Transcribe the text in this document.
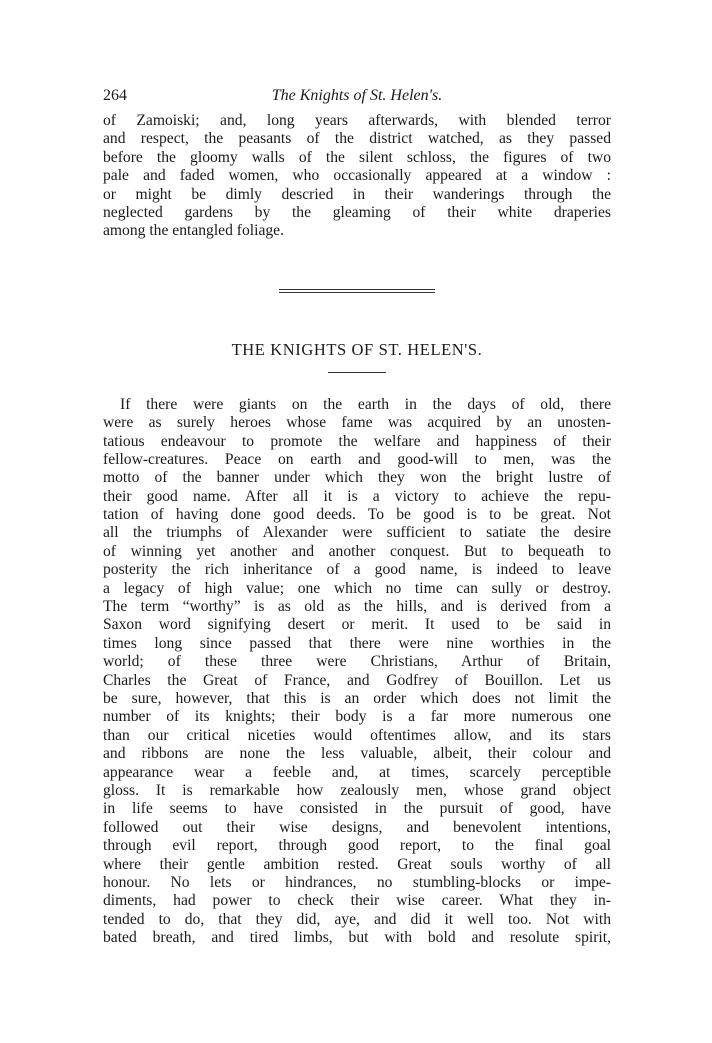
264	The Knights of St. Helen's.
of Zamoiski; and, long years afterwards, with blended terror
and respect, the peasants of the district watched, as they passed
before the gloomy walls of the silent schloss, the figures of two
pale and faded women, who occasionally appeared at a window :
or might be dimly descried in their wanderings through the
neglected gardens by the gleaming of their white draperies
among the entangled foliage.
THE KNIGHTS OF ST. HELEN'S.
If there were giants on the earth in the days of old, there
were as surely heroes whose fame was acquired by an unosten-
tatious endeavour to promote the welfare and happiness of their
fellow-creatures. Peace on earth and good-will to men, was the
motto of the banner under which they won the bright lustre of
their good name. After all it is a victory to achieve the repu-
tation of having done good deeds. To be good is to be great. Not
all the triumphs of Alexander were sufficient to satiate the desire
of winning yet another and another conquest. But to bequeath to
posterity the rich inheritance of a good name, is indeed to leave
a legacy of high value; one which no time can sully or destroy.
The term “worthy” is as old as the hills, and is derived from a
Saxon word signifying desert or merit. It used to be said in
times long since passed that there were nine worthies in the
world; of these three were Christians, Arthur of Britain,
Charles the Great of France, and Godfrey of Bouillon. Let us
be sure, however, that this is an order which does not limit the
number of its knights; their body is a far more numerous one
than our critical niceties would oftentimes allow, and its stars
and ribbons are none the less valuable, albeit, their colour and
appearance wear a feeble and, at times, scarcely perceptible
gloss. It is remarkable how zealously men, whose grand object
in life seems to have consisted in the pursuit of good, have
followed out their wise designs, and benevolent intentions,
through evil report, through good report, to the final goal
where their gentle ambition rested. Great souls worthy of all
honour. No lets or hindrances, no stumbling-blocks or impe-
diments, had power to check their wise career. What they in-
tended to do, that they did, aye, and did it well too. Not with
bated breath, and tired limbs, but with bold and resolute spirit,
